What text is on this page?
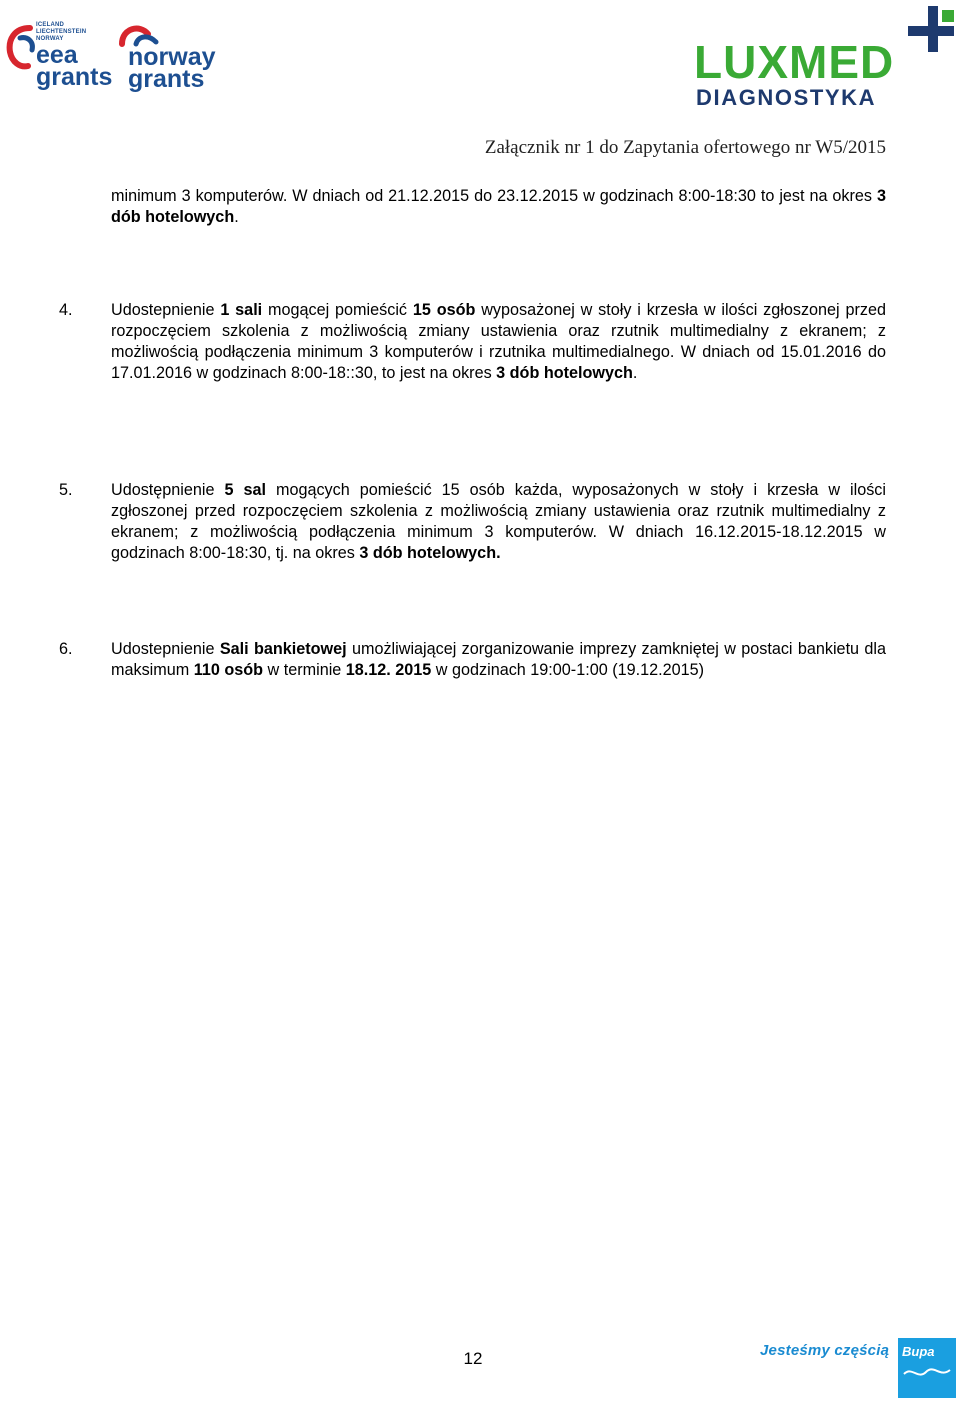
ICELAND
LIECHTENSTEIN
NORWAY
eea
grants
norway
grants	LUXMED
DIAGNOSTYKA
Załącznik nr 1 do Zapytania ofertowego nr W5/2015
minimum 3 komputerów. W dniach od 21.12.2015 do 23.12.2015 w godzinach 8:00-18:30 to jest na okres 3 dób hotelowych.
4. Udostepnienie 1 sali mogącej pomieścić 15 osób wyposażonej w stoły i krzesła w ilości zgłoszonej przed rozpoczęciem szkolenia z możliwością zmiany ustawienia oraz rzutnik multimedialny z ekranem; z możliwością podłączenia minimum 3 komputerów i rzutnika multimedialnego. W dniach od 15.01.2016 do 17.01.2016 w godzinach 8:00-18::30, to jest na okres 3 dób hotelowych.
5. Udostępnienie 5 sal mogących pomieścić 15 osób każda, wyposażonych w stoły i krzesła w ilości zgłoszonej przed rozpoczęciem szkolenia z możliwością zmiany ustawienia oraz rzutnik multimedialny z ekranem; z możliwością podłączenia minimum 3 komputerów. W dniach 16.12.2015-18.12.2015 w godzinach 8:00-18:30, tj. na okres 3 dób hotelowych.
6. Udostepnienie Sali bankietowej umożliwiającej zorganizowanie imprezy zamkniętej w postaci bankietu dla maksimum 110 osób w terminie 18.12. 2015 w godzinach 19:00-1:00 (19.12.2015)
12	Jesteśmy częścią Bupa
